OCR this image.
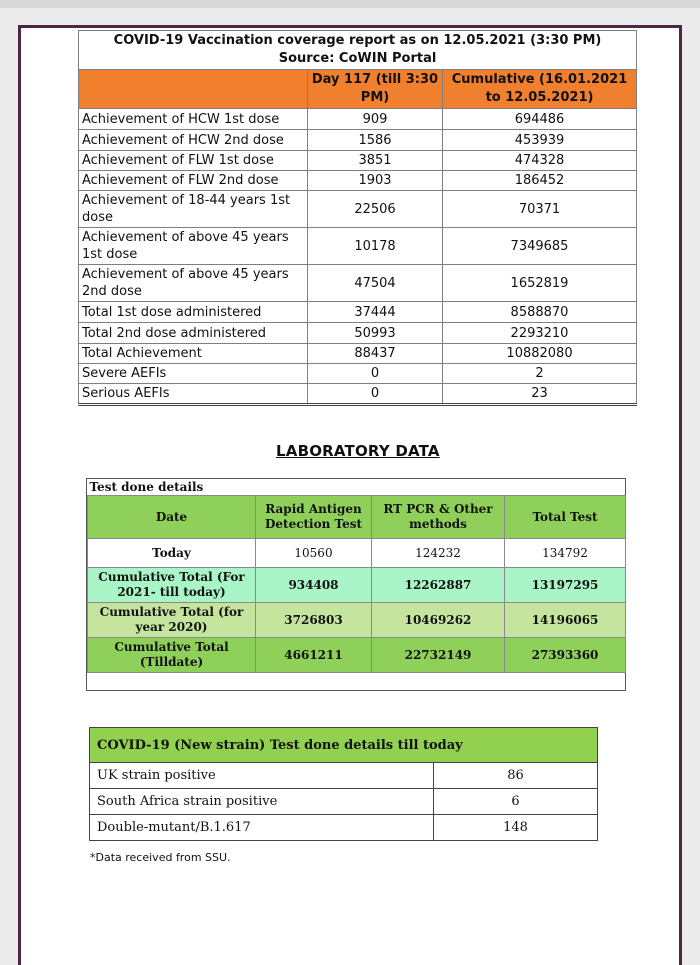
COVID-19 Vaccination coverage report as on 12.05.2021 (3:30 PM)
Source: CoWIN Portal		

	Day 117 (till 3:30 PM)	Cumulative (16.01.2021 to 12.05.2021)
Achievement of HCW 1st dose	909	694486
Achievement of HCW 2nd dose	1586	453939
Achievement of FLW 1st dose	3851	474328
Achievement of FLW 2nd dose	1903	186452
Achievement of 18-44 years 1st dose	22506	70371
Achievement of above 45 years 1st dose	10178	7349685
Achievement of above 45 years 2nd dose	47504	1652819
Total 1st dose administered	37444	8588870
Total 2nd dose administered	50993	2293210
Total Achievement	88437	10882080
Severe AEFIs	0	2
Serious AEFIs	0	23
LABORATORY DATA
Test done details			
Date	Rapid Antigen Detection Test	RT PCR & Other methods	Total Test
Today	10560	124232	134792
Cumulative Total (For 2021- till today)	934408	12262887	13197295
Cumulative Total (for year 2020)	3726803	10469262	14196065
Cumulative Total (Tilldate)	4661211	22732149	27393360
COVID-19 (New strain) Test done details till today	
UK strain positive	86
South Africa strain positive	6
Double-mutant/B.1.617	148
*Data received from SSU.
